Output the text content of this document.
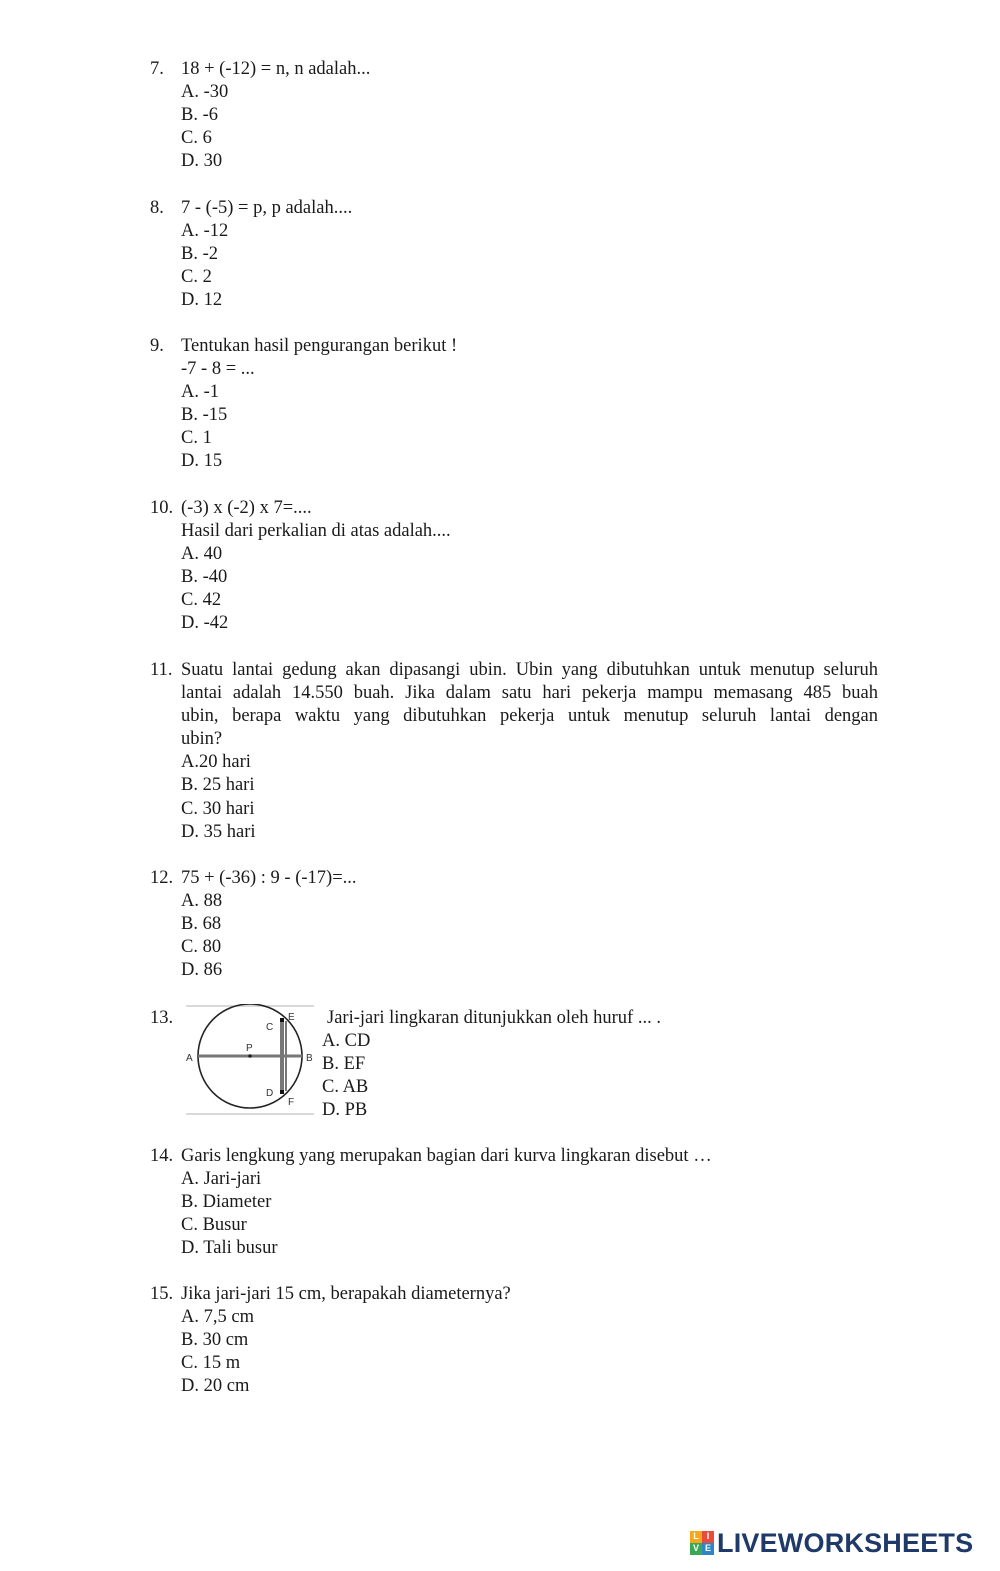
7. 18 + (-12) = n, n adalah...
A. -30
B. -6
C. 6
D. 30
8. 7 - (-5) = p, p adalah....
A. -12
B. -2
C. 2
D. 12
9. Tentukan hasil pengurangan berikut !
-7 - 8 = ...
A. -1
B. -15
C. 1
D. 15
10. (-3) x (-2) x 7=....
Hasil dari perkalian di atas adalah....
A. 40
B. -40
C. 42
D. -42
11. Suatu lantai gedung akan dipasangi ubin. Ubin yang dibutuhkan untuk menutup seluruh
lantai adalah 14.550 buah. Jika dalam satu hari pekerja mampu memasang 485 buah
ubin, berapa waktu yang dibutuhkan pekerja untuk menutup seluruh lantai dengan
ubin?
A.20 hari
B. 25 hari
C. 30 hari
D. 35 hari
12. 75 + (-36) : 9 - (-17)=...
A. 88
B. 68
C. 80
D. 86
13.
A	B
C
D
E
F
P
Jari-jari lingkaran ditunjukkan oleh huruf ... .
A. CD
B. EF
C. AB
D. PB
14. Garis lengkung yang merupakan bagian dari kurva lingkaran disebut …
A. Jari-jari
B. Diameter
C. Busur
D. Tali busur
15. Jika jari-jari 15 cm, berapakah diameternya?
A. 7,5 cm
B. 30 cm
C. 15 m
D. 20 cm
L I
V E LIVEWORKSHEETS
